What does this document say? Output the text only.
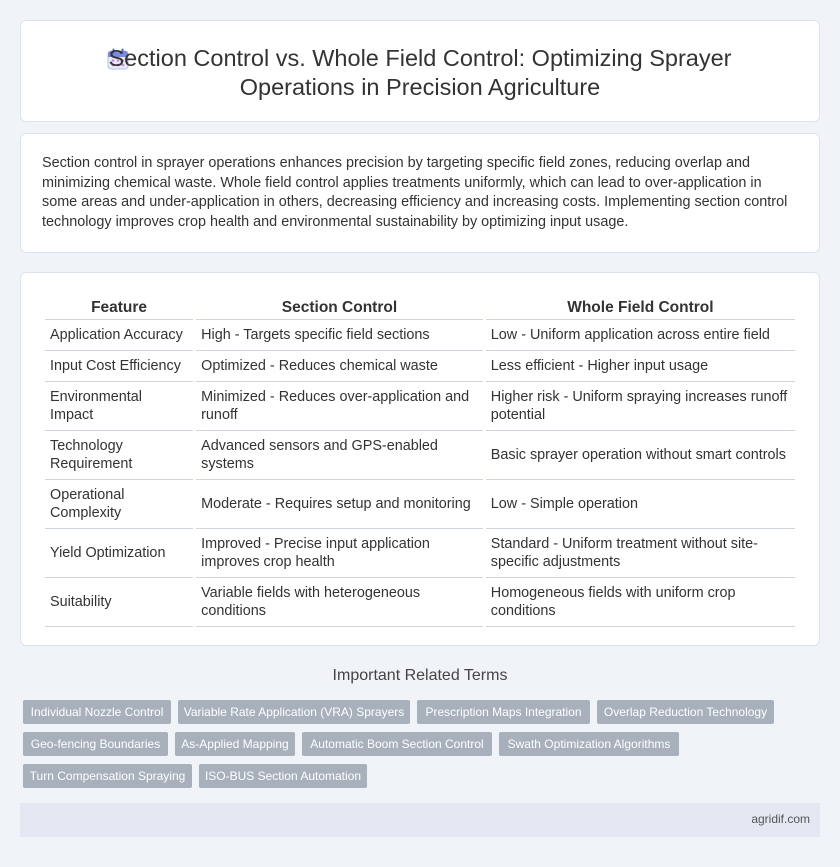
Section Control vs. Whole Field Control: Optimizing Sprayer Operations in Precision Agriculture

Section control in sprayer operations enhances precision by targeting specific field zones, reducing overlap and minimizing chemical waste. Whole field control applies treatments uniformly, which can lead to over-application in some areas and under-application in others, decreasing efficiency and increasing costs. Implementing section control technology improves crop health and environmental sustainability by optimizing input usage.

Feature	Section Control	Whole Field Control
Application Accuracy	High - Targets specific field sections	Low - Uniform application across entire field
Input Cost Efficiency	Optimized - Reduces chemical waste	Less efficient - Higher input usage
Environmental Impact	Minimized - Reduces over-application and runoff	Higher risk - Uniform spraying increases runoff potential
Technology Requirement	Advanced sensors and GPS-enabled systems	Basic sprayer operation without smart controls
Operational Complexity	Moderate - Requires setup and monitoring	Low - Simple operation
Yield Optimization	Improved - Precise input application improves crop health	Standard - Uniform treatment without site-specific adjustments
Suitability	Variable fields with heterogeneous conditions	Homogeneous fields with uniform crop conditions
Important Related Terms
Individual Nozzle Control	Variable Rate Application (VRA) Sprayers	Prescription Maps Integration	Overlap Reduction Technology
Geo-fencing Boundaries	As-Applied Mapping	Automatic Boom Section Control	Swath Optimization Algorithms
Turn Compensation Spraying	ISO-BUS Section Automation
agridif.com
